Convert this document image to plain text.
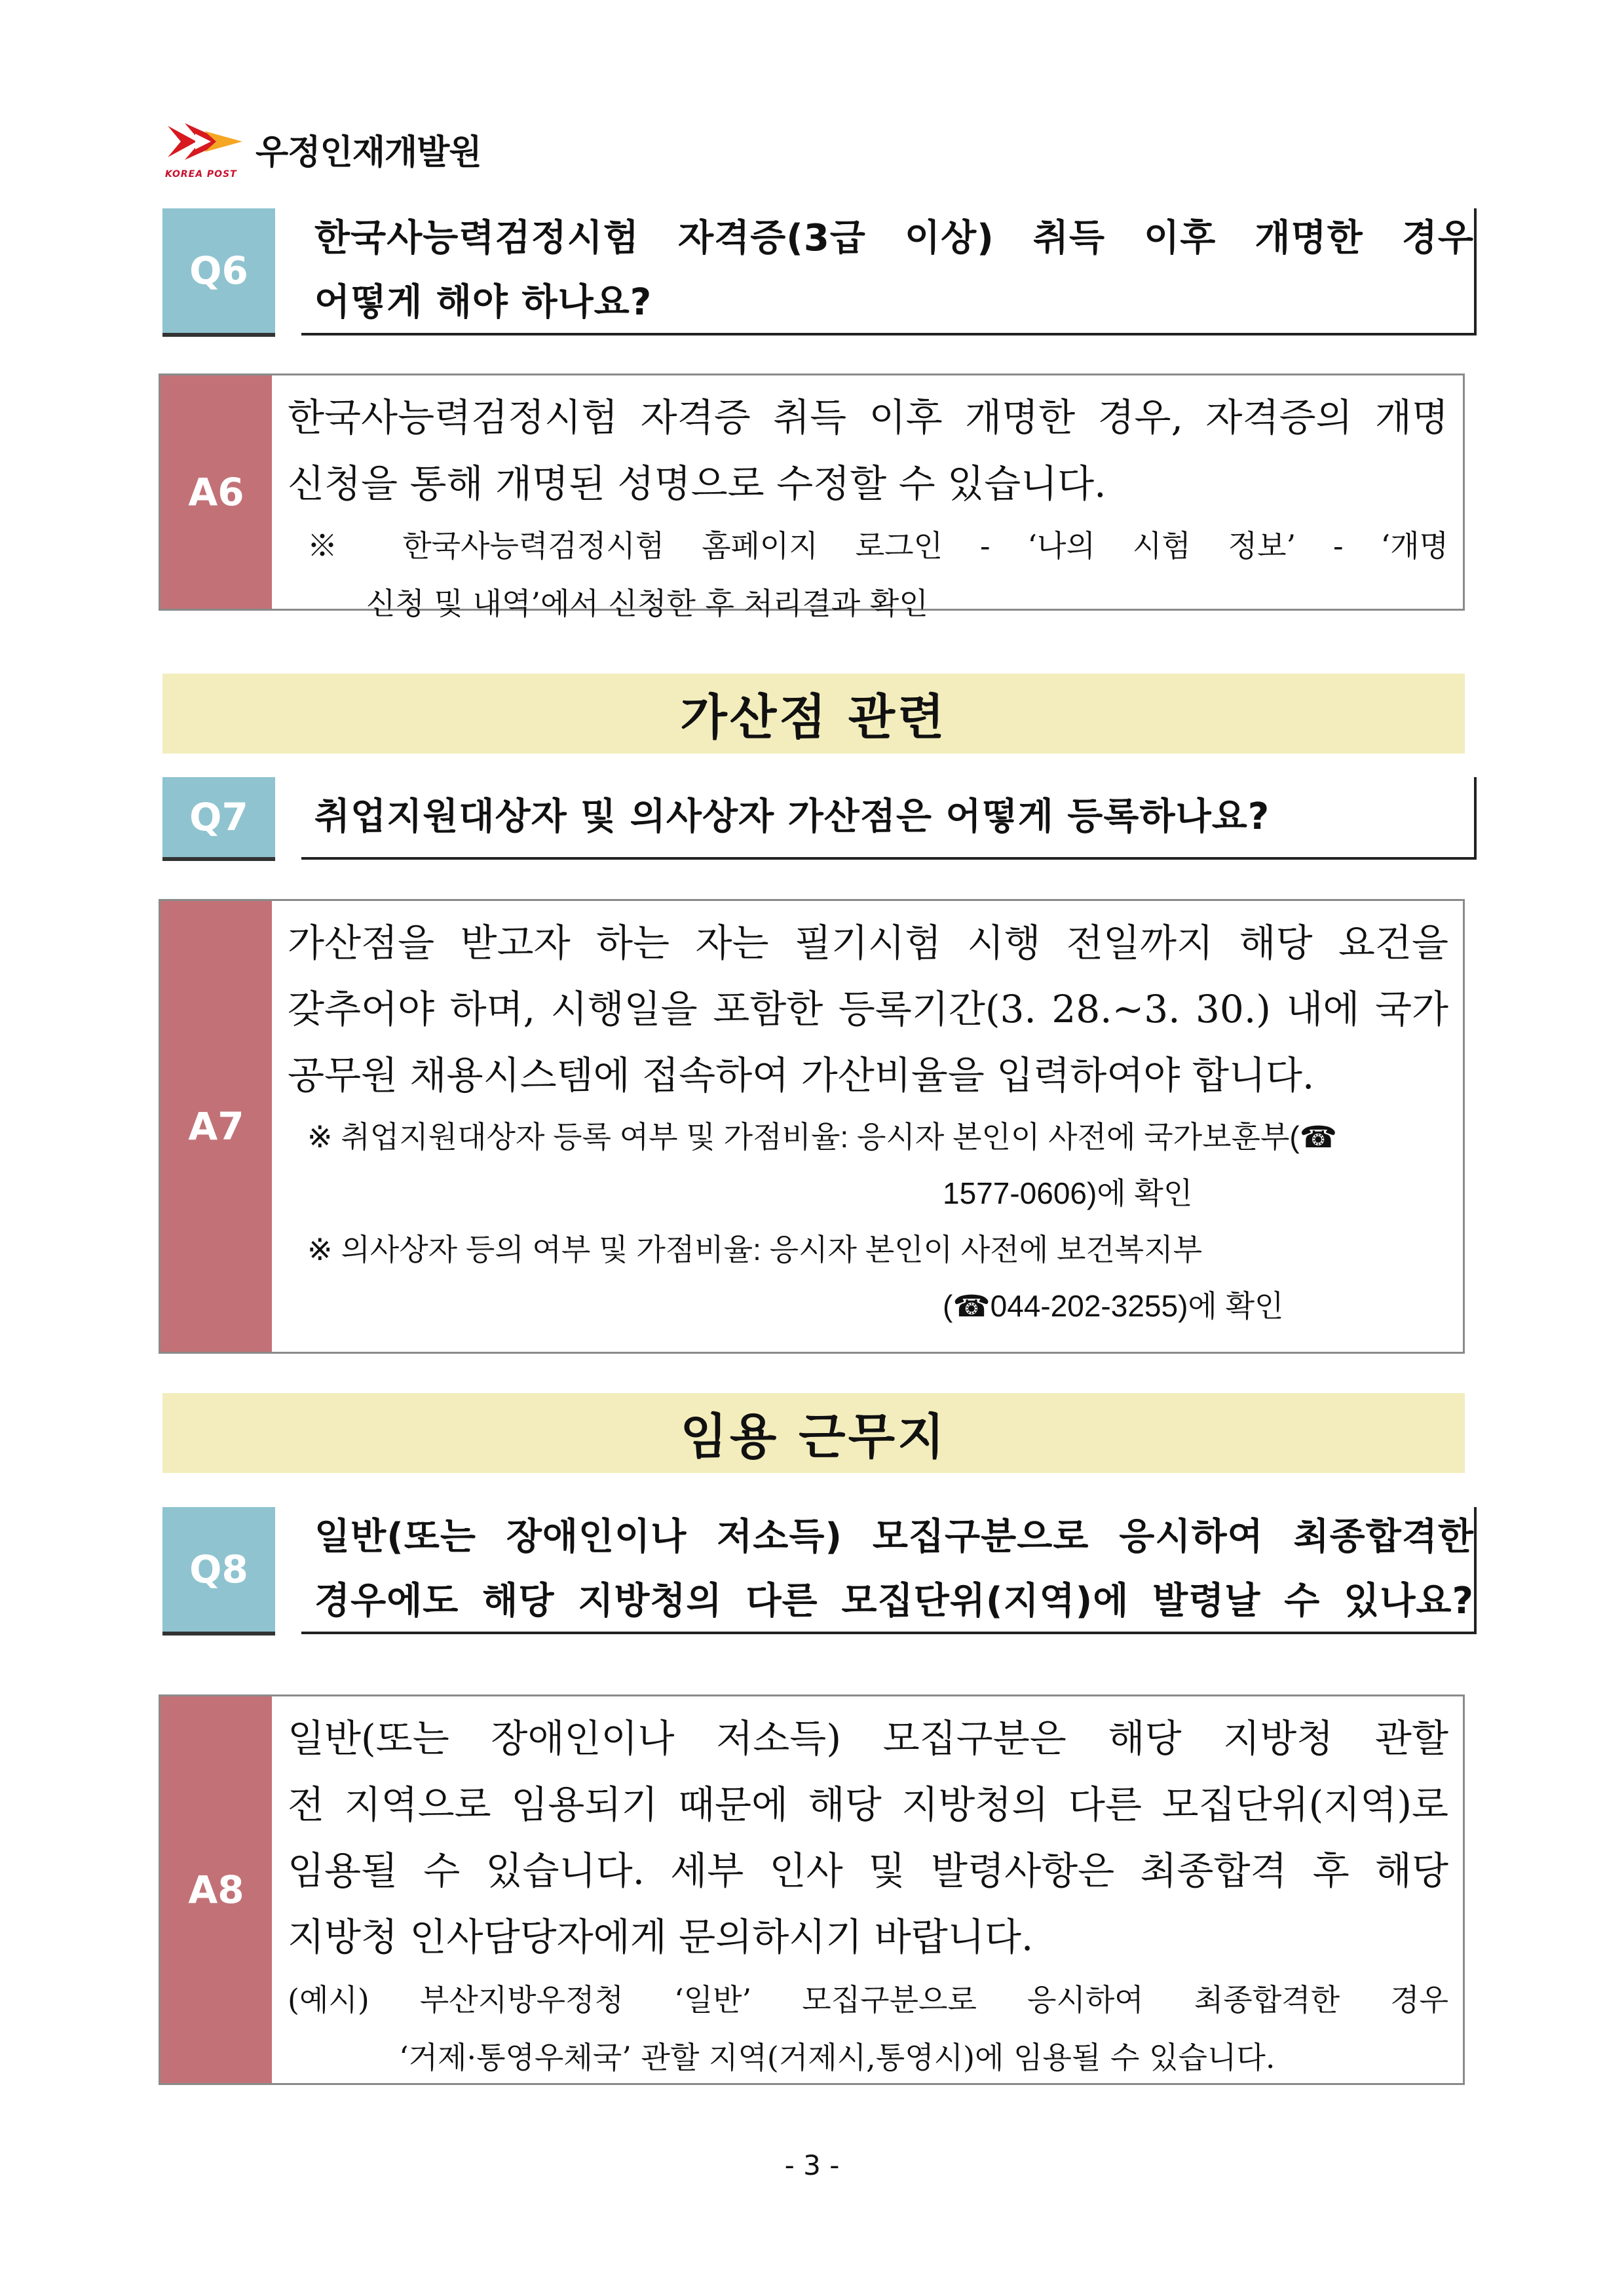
KOREA POST
우정인재개발원
Q6
한국사능력검정시험 자격증(3급 이상) 취득 이후 개명한 경우
어떻게 해야 하나요?
A6
한국사능력검정시험 자격증 취득 이후 개명한 경우, 자격증의 개명
신청을 통해 개명된 성명으로 수정할 수 있습니다.
※ 한국사능력검정시험 홈페이지 로그인 - ‘나의 시험 정보’ - ‘개명
신청 및 내역’에서 신청한 후 처리결과 확인
가산점 관련
Q7	취업지원대상자 및 의사상자 가산점은 어떻게 등록하나요?
A7
가산점을 받고자 하는 자는 필기시험 시행 전일까지 해당 요건을
갖추어야 하며, 시행일을 포함한 등록기간(3. 28.~3. 30.) 내에 국가
공무원 채용시스템에 접속하여 가산비율을 입력하여야 합니다.
※ 취업지원대상자 등록 여부 및 가점비율: 응시자 본인이 사전에 국가보훈부(☎
1577-0606)에 확인
※ 의사상자 등의 여부 및 가점비율: 응시자 본인이 사전에 보건복지부
(☎044-202-3255)에 확인
임용 근무지
Q8
일반(또는 장애인이나 저소득) 모집구분으로 응시하여 최종합격한
경우에도 해당 지방청의 다른 모집단위(지역)에 발령날 수 있나요?
A8
일반(또는 장애인이나 저소득) 모집구분은 해당 지방청 관할
전 지역으로 임용되기 때문에 해당 지방청의 다른 모집단위(지역)로
임용될 수 있습니다. 세부 인사 및 발령사항은 최종합격 후 해당
지방청 인사담당자에게 문의하시기 바랍니다.
(예시) 부산지방우정청 ‘일반’ 모집구분으로 응시하여 최종합격한 경우
‘거제·통영우체국’ 관할 지역(거제시,통영시)에 임용될 수 있습니다.
- 3 -
